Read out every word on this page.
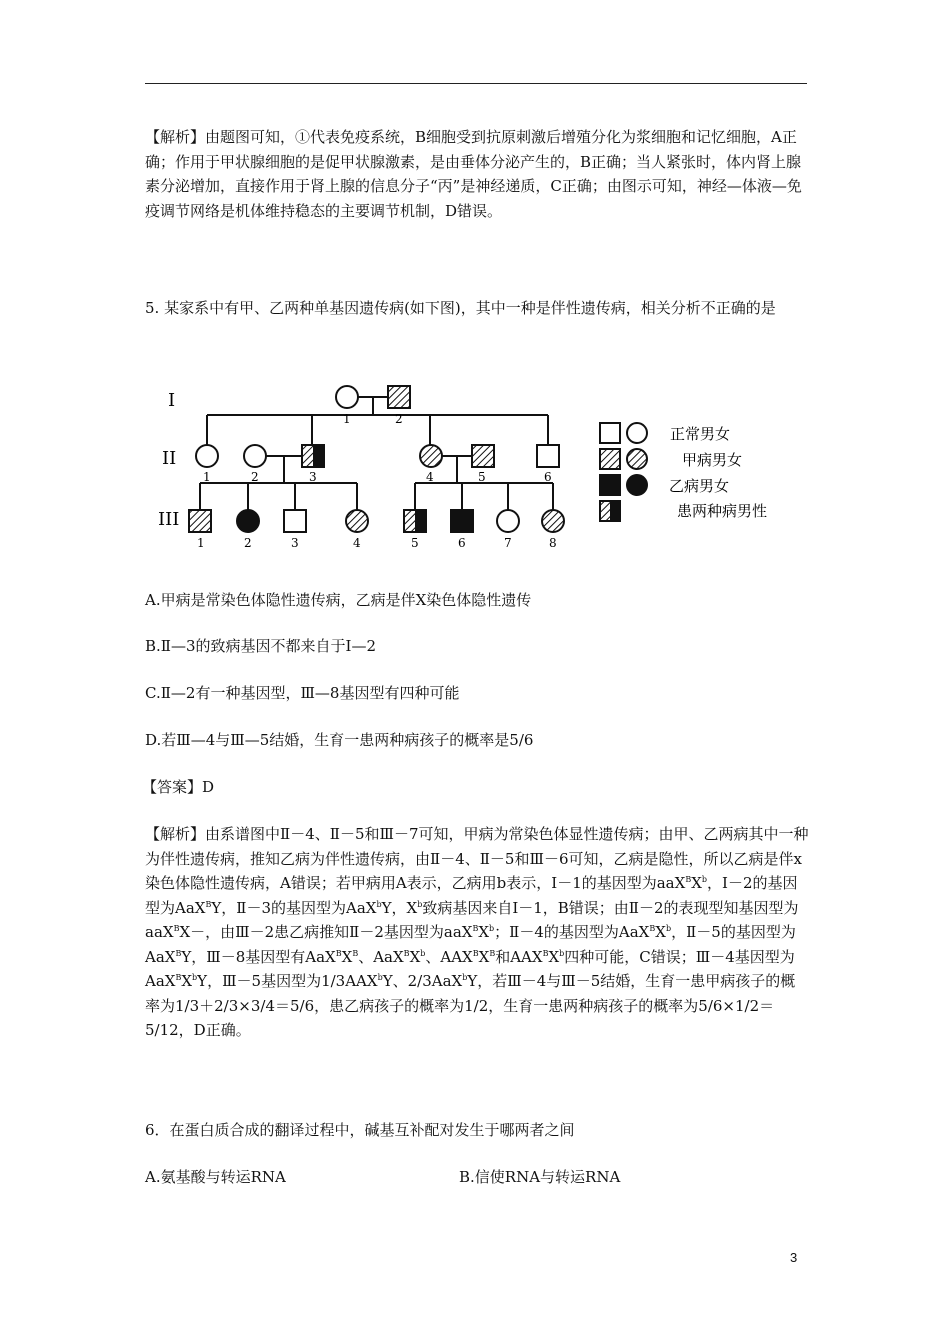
【解析】由题图可知，①代表免疫系统，B细胞受到抗原刺激后增殖分化为浆细胞和记忆细胞，A正确；作用于甲状腺细胞的是促甲状腺激素，是由垂体分泌产生的，B正确；当人紧张时，体内肾上腺素分泌增加，直接作用于肾上腺的信息分子“丙”是神经递质，C正确；由图示可知，神经—体液—免疫调节网络是机体维持稳态的主要调节机制，D错误。

5. 某家系中有甲、乙两种单基因遗传病(如下图)，其中一种是伴性遗传病，相关分析不正确的是

I
II
III
1	2
1	2	3	4	5	6
1	2	3	4	5	6	7	8
正常男女
甲病男女
乙病男女
患两种病男性

A.甲病是常染色体隐性遗传病，乙病是伴X染色体隐性遗传

B.Ⅱ—3的致病基因不都来自于Ⅰ—2

C.Ⅱ—2有一种基因型，Ⅲ—8基因型有四种可能

D.若Ⅲ—4与Ⅲ—5结婚，生育一患两种病孩子的概率是5/6

【答案】D

【解析】由系谱图中Ⅱ－4、Ⅱ－5和Ⅲ－7可知，甲病为常染色体显性遗传病；由甲、乙两病其中一种为伴性遗传病，推知乙病为伴性遗传病，由Ⅱ－4、Ⅱ－5和Ⅲ－6可知，乙病是隐性，所以乙病是伴x染色体隐性遗传病，A错误；若甲病用A表示，乙病用b表示，Ⅰ－1的基因型为$aaX^BX^b$，Ⅰ－2的基因型为AaX$^B$Y，Ⅱ－3的基因型为AaX$^b$Y，$X^b$致病基因来自Ⅰ－1，B错误；由Ⅱ－2的表现型知基因型为aaX$^B$X－，由Ⅲ－2患乙病推知Ⅱ－2基因型为$aaX^BX^b$；Ⅱ－4的基因型为$AaX^BX^b$，Ⅱ－5的基因型为AaX$^B$Y，Ⅲ－8基因型有$AaX^BX^B$、$AaX^BX^b$、$AAX^BX^B$和$AAX^BX^b$四种可能，C错误；Ⅲ－4基因型为$AaX^BX^bY$，Ⅲ－5基因型为1/3AAX$^b$Y、2/3AaX$^b$Y，若Ⅲ－4与Ⅲ－5结婚，生育一患甲病孩子的概率为1/3＋2/3×3/4＝5/6，患乙病孩子的概率为1/2，生育一患两种病孩子的概率为5/6×1/2＝5/12，D正确。

6．在蛋白质合成的翻译过程中，碱基互补配对发生于哪两者之间

A.氨基酸与转运RNA	B.信使RNA与转运RNA

3
